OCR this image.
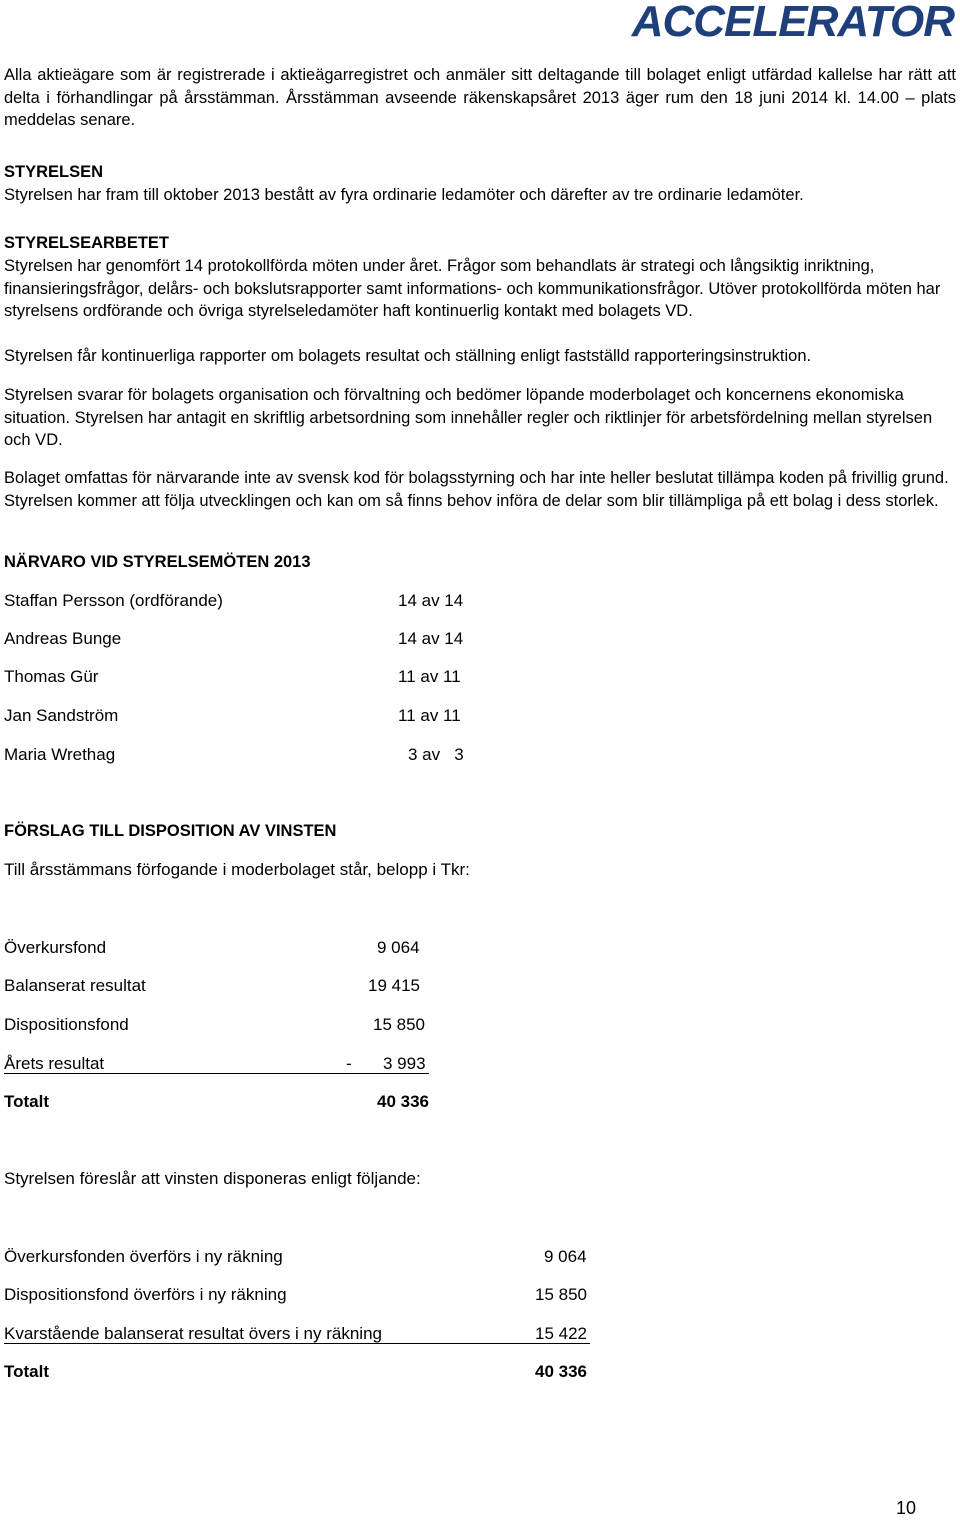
ACCELERATOR
Alla aktieägare som är registrerade i aktieägarregistret och anmäler sitt deltagande till bolaget enligt utfärdad kallelse har rätt att delta i förhandlingar på årsstämman. Årsstämman avseende räkenskapsåret 2013 äger rum den 18 juni 2014 kl. 14.00 – plats meddelas senare.
STYRELSEN
Styrelsen har fram till oktober 2013 bestått av fyra ordinarie ledamöter och därefter av tre ordinarie ledamöter.
STYRELSEARBETET
Styrelsen har genomfört 14 protokollförda möten under året. Frågor som behandlats är strategi och långsiktig inriktning, finansieringsfrågor, delårs- och bokslutsrapporter samt informations- och kommunikationsfrågor. Utöver protokollförda möten har styrelsens ordförande och övriga styrelseledamöter haft kontinuerlig kontakt med bolagets VD.
Styrelsen får kontinuerliga rapporter om bolagets resultat och ställning enligt fastställd rapporteringsinstruktion.
Styrelsen svarar för bolagets organisation och förvaltning och bedömer löpande moderbolaget och koncernens ekonomiska situation. Styrelsen har antagit en skriftlig arbetsordning som innehåller regler och riktlinjer för arbetsfördelning mellan styrelsen och VD.
Bolaget omfattas för närvarande inte av svensk kod för bolagsstyrning och har inte heller beslutat tillämpa koden på frivillig grund. Styrelsen kommer att följa utvecklingen och kan om så finns behov införa de delar som blir tillämpliga på ett bolag i dess storlek.
NÄRVARO VID STYRELSEMÖTEN 2013
Staffan Persson (ordförande)	14 av 14
Andreas Bunge	14 av 14
Thomas Gür	11 av 11
Jan Sandström	11 av 11
Maria Wrethag	3 av   3
FÖRSLAG TILL DISPOSITION AV VINSTEN
Till årsstämmans förfogande i moderbolaget står, belopp i Tkr:
Överkursfond	9 064
Balanserat resultat	19 415
Dispositionsfond	15 850
Årets resultat	- 3 993
Totalt	40 336
Styrelsen föreslår att vinsten disponeras enligt följande:
Överkursfonden överförs i ny räkning	9 064
Dispositionsfond överförs i ny räkning	15 850
Kvarstående balanserat resultat övers i ny räkning	15 422
Totalt	40 336
10
